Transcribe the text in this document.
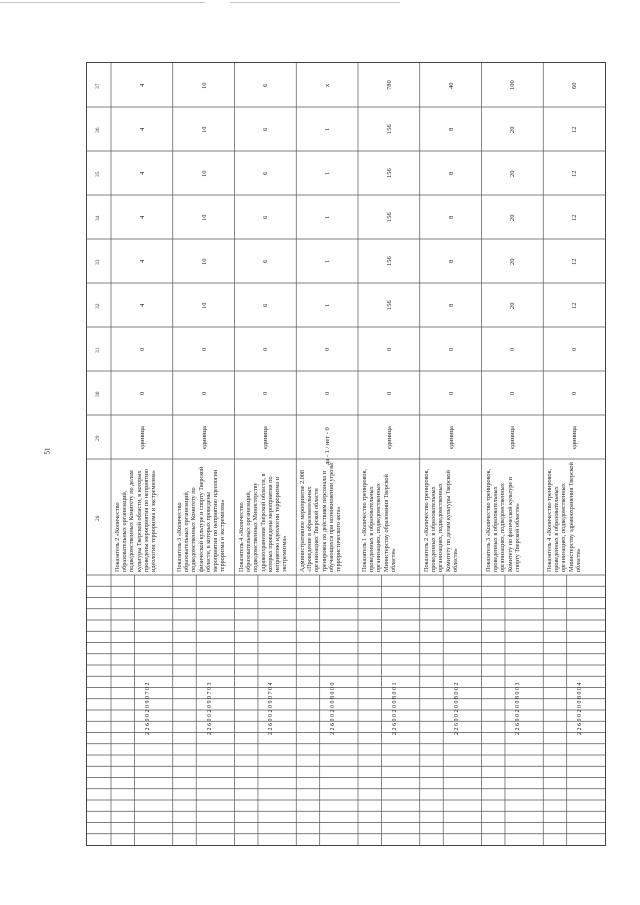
51
37
36
35
34
33
32
31
30
29
28
4
4
4
4
4
4
0
0
единица
Показатель 2 «Количество образовательных организаций, подведомственных Комитету по делам культуры Тверской области, в которых проведены мероприятия по неприятию идеологии терроризма и экстремизма»
2 2 6 0 0 2 0 9 0 7 0 2
10
10
10
10
10
10
0
0
единица
Показатель 3 «Количество образовательных организаций, подведомственных Комитету по физической культуре и спорту Тверской области, в которых проведены мероприятия по неприятию идеологии терроризма и экстремизма»
2 2 6 0 0 2 0 9 0 7 0 3
6
6
6
6
6
6
0
0
единица
Показатель 4 «Количество образовательных организаций, подведомственных Министерству здравоохранения Тверской области, в которых проведены мероприятия по неприятию идеологии терроризма и экстремизма»
2 2 6 0 0 2 0 9 0 7 0 4
x
1
1
1
1
1
0
0
да - 1 / нет - 0
Административное мероприятие 2.008 «Проведение в образовательных организациях Тверской области тренировок по действиям персонала и обучающихся при возникновении угрозы террористического акта»
2 2 6 0 0 2 0 0 8 0 0 0
780
156
156
156
156
156
0
0
единица
Показатель 1 «Количество тренировок, проведенных в образовательных организациях, подведомственных Министерству образования Тверской области»
2 2 6 0 0 2 0 0 8 0 0 1
40
8
8
8
8
8
0
0
единица
Показатель 2 «Количество тренировок, проведенных в образовательных организациях, подведомственных Комитету по делам культуры Тверской области»
2 2 6 0 0 2 0 0 8 0 0 2
100
20
20
20
20
20
0
0
единица
Показатель 3 «Количество тренировок, проведенных в образовательных организациях, подведомственных Комитету по физической культуре и спорту Тверской области»
2 2 6 0 0 2 0 0 8 0 0 3
60
12
12
12
12
12
0
0
единица
Показатель 4 «Количество тренировок, проведенных в образовательных организациях, подведомственных Министерству здравоохранения Тверской области»
2 2 6 0 0 2 0 0 8 0 0 4
